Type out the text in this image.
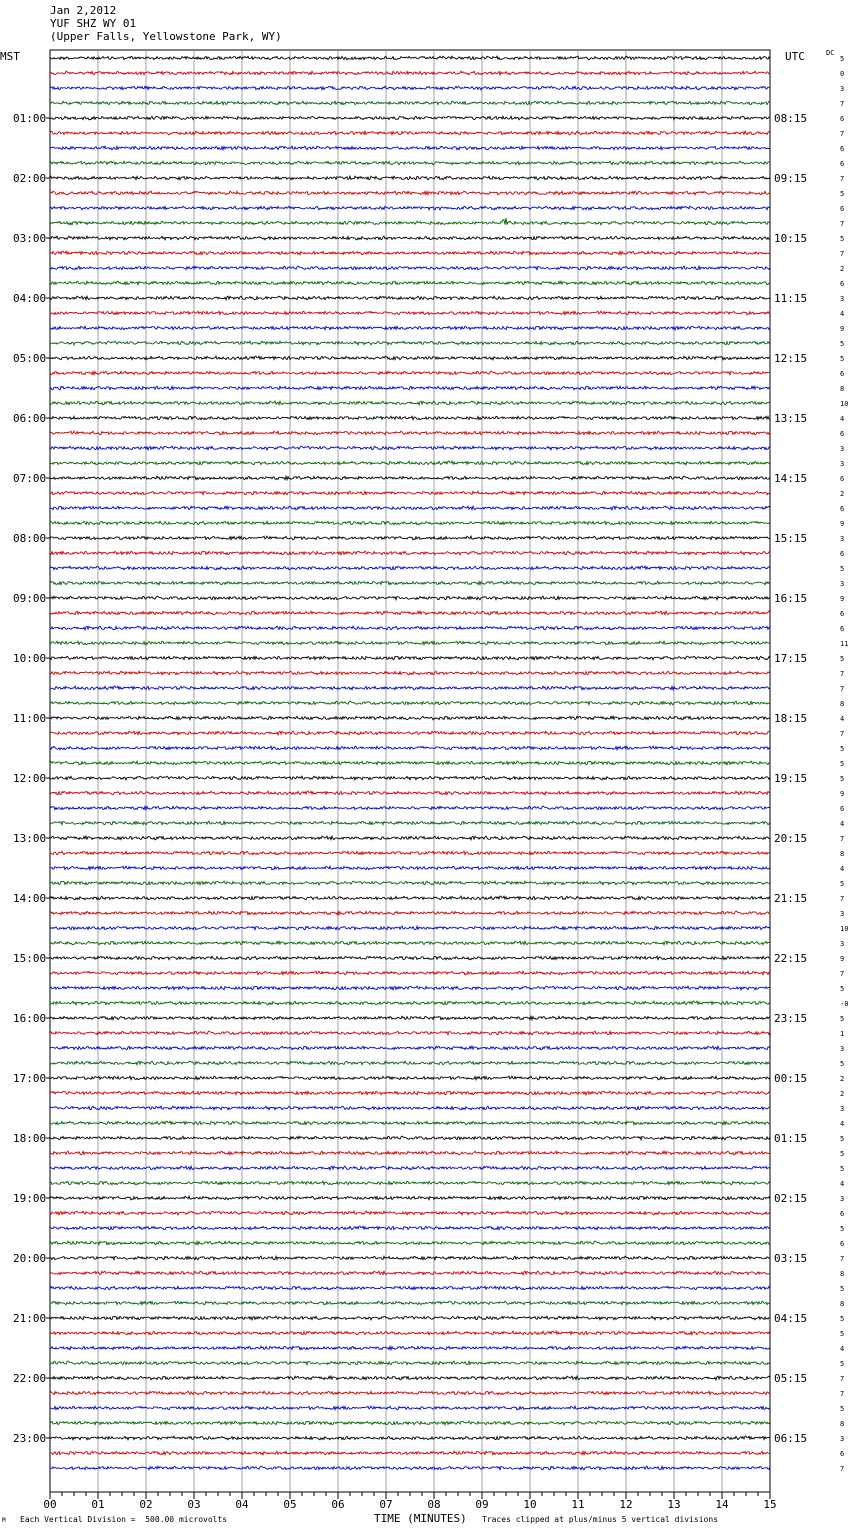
Jan 2,2012
YUF SHZ WY 01
(Upper Falls, Yellowstone Park, WY)
MST	UTC	DC
5
0
3
7
6
7
6
6
7
5
6
7
5
7
2
6
3
4
9
5
5
6
8
10
4
6
3
3
6
2
6
9
3
6
5
3
9
6
6
11
5
7
7
8
4
7
5
5
5
9
6
4
7
8
4
5
7
3
10
3
9
7
5
-0
5
1
3
5
2
2
3
4
5
5
5
4
3
6
5
6
7
8
5
8
5
5
4
5
7
7
5
8
3
6
7
01:00
02:00
03:00
04:00
05:00
06:00
07:00
08:00
09:00
10:00
11:00
12:00
13:00
14:00
15:00
16:00
17:00
18:00
19:00
20:00
21:00
22:00
23:00
08:15
09:15
10:15
11:15
12:15
13:15
14:15
15:15
16:15
17:15
18:15
19:15
20:15
21:15
22:15
23:15
00:15
01:15
02:15
03:15
04:15
05:15
06:15
00	01	02	03	04	05	06	07	08	09	10	11	12	13	14	15
M Each Vertical Division =  500.00 microvolts	TIME (MINUTES) Traces clipped at plus/minus 5 vertical divisions
